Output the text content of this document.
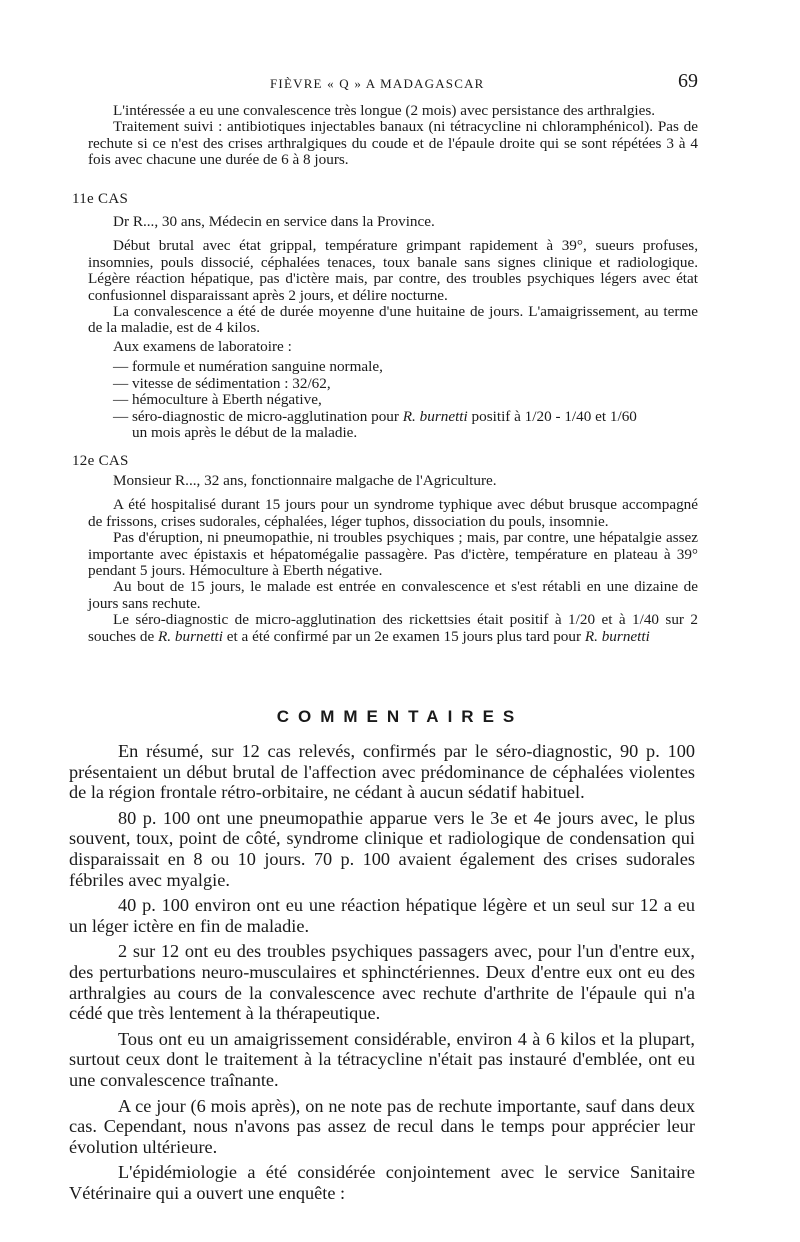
FIÈVRE « Q » A MADAGASCAR	69

L'intéressée a eu une convalescence très longue (2 mois) avec persistance des arthralgies.

Traitement suivi : antibiotiques injectables banaux (ni tétracycline ni chloramphénicol). Pas de rechute si ce n'est des crises arthralgiques du coude et de l'épaule droite qui se sont répétées 3 à 4 fois avec chacune une durée de 6 à 8 jours.

11e CAS

Dr R..., 30 ans, Médecin en service dans la Province.

Début brutal avec état grippal, température grimpant rapidement à 39°, sueurs profuses, insomnies, pouls dissocié, céphalées tenaces, toux banale sans signes clinique et radiologique. Légère réaction hépatique, pas d'ictère mais, par contre, des troubles psychiques légers avec état confusionnel disparaissant après 2 jours, et délire nocturne.

La convalescence a été de durée moyenne d'une huitaine de jours. L'amaigrissement, au terme de la maladie, est de 4 kilos.

Aux examens de laboratoire :
— formule et numération sanguine normale,
— vitesse de sédimentation : 32/62,
— hémoculture à Eberth négative,
— séro-diagnostic de micro-agglutination pour R. burnetti positif à 1/20 - 1/40 et 1/60
un mois après le début de la maladie.
12e CAS

Monsieur R..., 32 ans, fonctionnaire malgache de l'Agriculture.

A été hospitalisé durant 15 jours pour un syndrome typhique avec début brusque accompagné de frissons, crises sudorales, céphalées, léger tuphos, dissociation du pouls, insomnie.

Pas d'éruption, ni pneumopathie, ni troubles psychiques ; mais, par contre, une hépatalgie assez importante avec épistaxis et hépatomégalie passagère. Pas d'ictère, température en plateau à 39° pendant 5 jours. Hémoculture à Eberth négative.

Au bout de 15 jours, le malade est entrée en convalescence et s'est rétabli en une dizaine de jours sans rechute.

Le séro-diagnostic de micro-agglutination des rickettsies était positif à 1/20 et à 1/40 sur 2 souches de R. burnetti et a été confirmé par un 2e examen 15 jours plus tard pour R. burnetti

COMMENTAIRES

En résumé, sur 12 cas relevés, confirmés par le séro-diagnostic, 90 p. 100 présentaient un début brutal de l'affection avec prédominance de céphalées violentes de la région frontale rétro-orbitaire, ne cédant à aucun sédatif habituel.

80 p. 100 ont une pneumopathie apparue vers le 3e et 4e jours avec, le plus souvent, toux, point de côté, syndrome clinique et radiologique de condensation qui disparaissait en 8 ou 10 jours. 70 p. 100 avaient également des crises sudorales fébriles avec myalgie.

40 p. 100 environ ont eu une réaction hépatique légère et un seul sur 12 a eu un léger ictère en fin de maladie.

2 sur 12 ont eu des troubles psychiques passagers avec, pour l'un d'entre eux, des perturbations neuro-musculaires et sphinctériennes. Deux d'entre eux ont eu des arthralgies au cours de la convalescence avec rechute d'arthrite de l'épaule qui n'a cédé que très lentement à la thérapeutique.

Tous ont eu un amaigrissement considérable, environ 4 à 6 kilos et la plupart, surtout ceux dont le traitement à la tétracycline n'était pas instauré d'emblée, ont eu une convalescence traînante.

A ce jour (6 mois après), on ne note pas de rechute importante, sauf dans deux cas. Cependant, nous n'avons pas assez de recul dans le temps pour apprécier leur évolution ultérieure.

L'épidémiologie a été considérée conjointement avec le service Sanitaire Vétérinaire qui a ouvert une enquête :
